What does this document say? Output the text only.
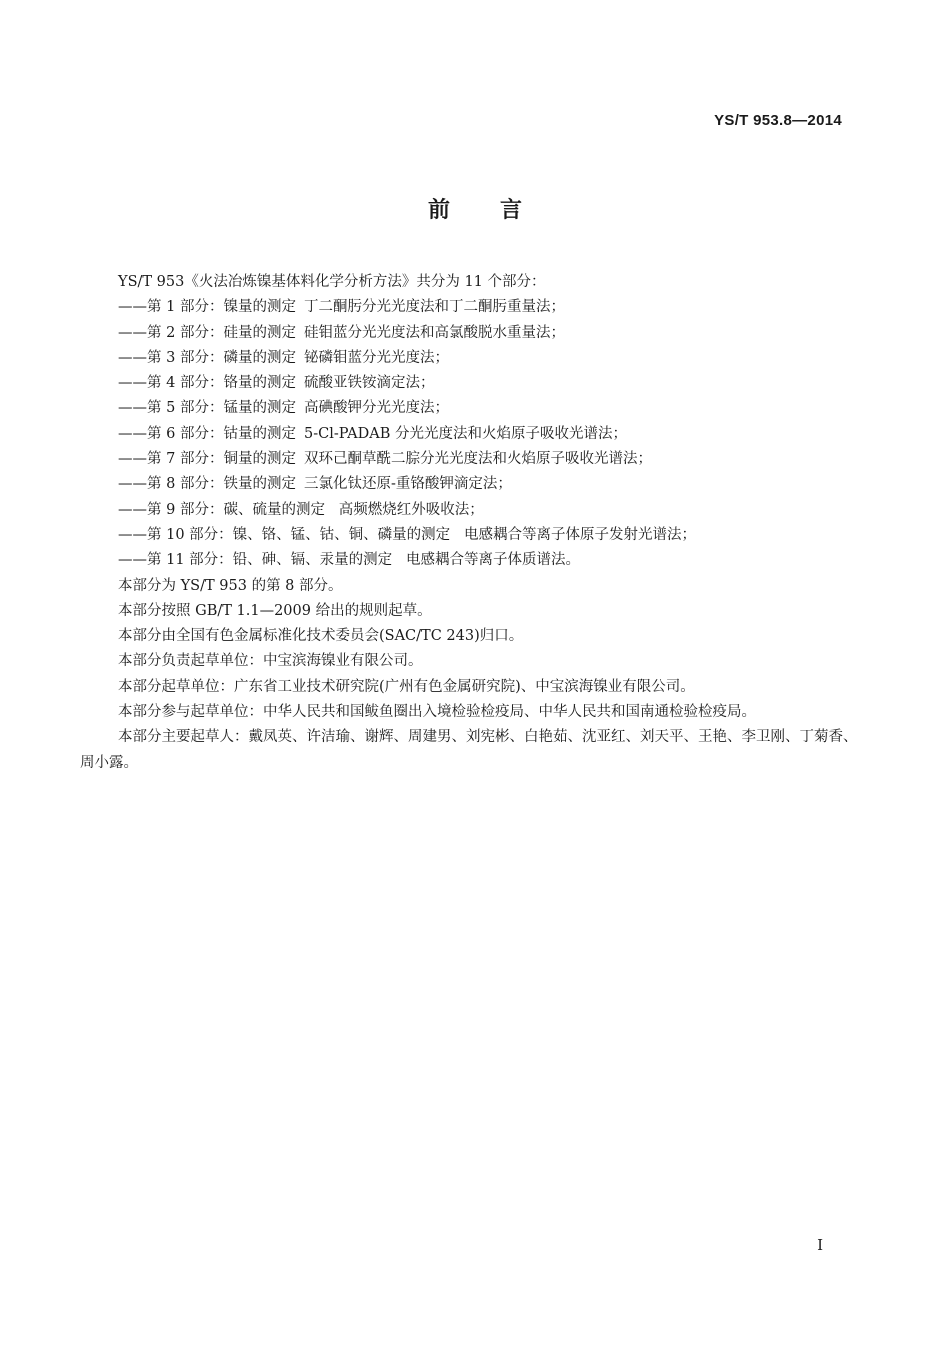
YS/T 953.8—2014
前言

YS/T 953《火法冶炼镍基体料化学分析方法》共分为 11 个部分：

——第 1 部分：镍量的测定 丁二酮肟分光光度法和丁二酮肟重量法；

——第 2 部分：硅量的测定 硅钼蓝分光光度法和高氯酸脱水重量法；

——第 3 部分：磷量的测定 铋磷钼蓝分光光度法；

——第 4 部分：铬量的测定 硫酸亚铁铵滴定法；

——第 5 部分：锰量的测定 高碘酸钾分光光度法；

——第 6 部分：钴量的测定 5-Cl-PADAB 分光光度法和火焰原子吸收光谱法；

——第 7 部分：铜量的测定 双环己酮草酰二腙分光光度法和火焰原子吸收光谱法；

——第 8 部分：铁量的测定 三氯化钛还原-重铬酸钾滴定法；

——第 9 部分：碳、硫量的测定 高频燃烧红外吸收法；

——第 10 部分：镍、铬、锰、钴、铜、磷量的测定 电感耦合等离子体原子发射光谱法；

——第 11 部分：铅、砷、镉、汞量的测定 电感耦合等离子体质谱法。

本部分为 YS/T 953 的第 8 部分。

本部分按照 GB/T 1.1—2009 给出的规则起草。

本部分由全国有色金属标准化技术委员会(SAC/TC 243)归口。

本部分负责起草单位：中宝滨海镍业有限公司。

本部分起草单位：广东省工业技术研究院(广州有色金属研究院)、中宝滨海镍业有限公司。

本部分参与起草单位：中华人民共和国鲅鱼圈出入境检验检疫局、中华人民共和国南通检验检疫局。

本部分主要起草人：戴凤英、许洁瑜、谢辉、周建男、刘宪彬、白艳茹、沈亚红、刘天平、王艳、李卫刚、丁菊香、周小露。

I
